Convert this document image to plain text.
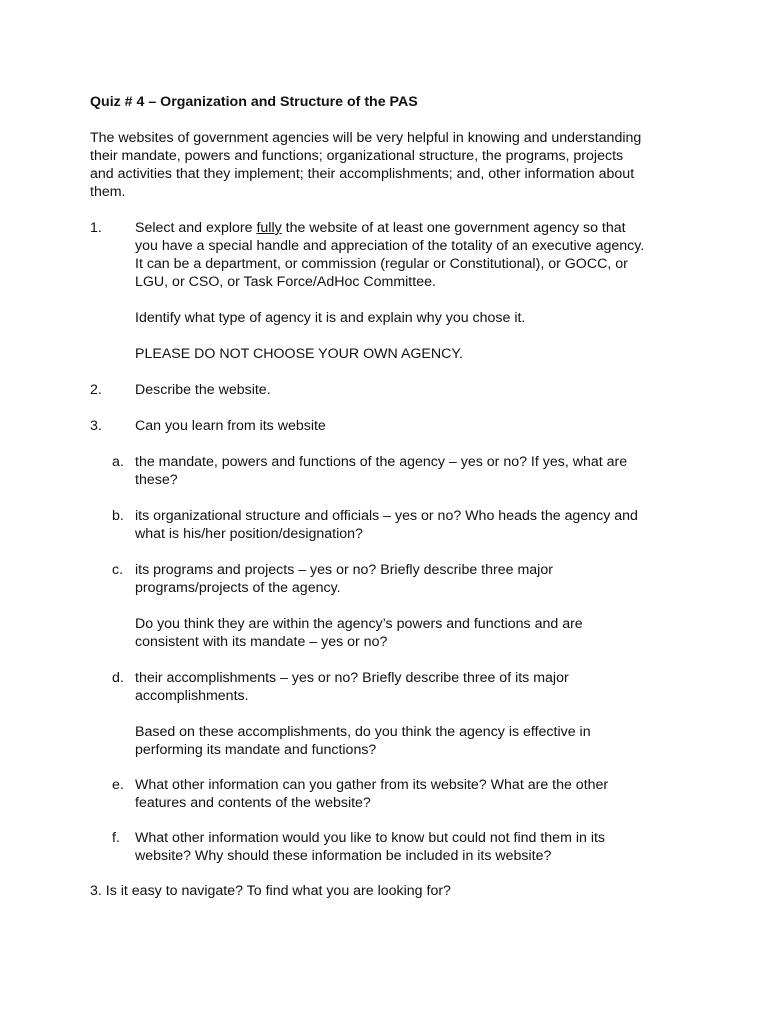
Quiz # 4 – Organization and Structure of the PAS
The websites of government agencies will be very helpful in knowing and understanding
their mandate, powers and functions; organizational structure, the programs, projects
and activities that they implement; their accomplishments; and, other information about
them.
1. Select and explore fully the website of at least one government agency so that
you have a special handle and appreciation of the totality of an executive agency.
It can be a department, or commission (regular or Constitutional), or GOCC, or
LGU, or CSO, or Task Force/AdHoc Committee.
Identify what type of agency it is and explain why you chose it.
PLEASE DO NOT CHOOSE YOUR OWN AGENCY.
2. Describe the website.
3. Can you learn from its website
a. the mandate, powers and functions of the agency – yes or no? If yes, what are
these?
b. its organizational structure and officials – yes or no? Who heads the agency and
what is his/her position/designation?
c. its programs and projects – yes or no? Briefly describe three major
programs/projects of the agency.
Do you think they are within the agency’s powers and functions and are
consistent with its mandate – yes or no?
d. their accomplishments – yes or no? Briefly describe three of its major
accomplishments.
Based on these accomplishments, do you think the agency is effective in
performing its mandate and functions?
e. What other information can you gather from its website? What are the other
features and contents of the website?
f. What other information would you like to know but could not find them in its
website? Why should these information be included in its website?
3. Is it easy to navigate? To find what you are looking for?
